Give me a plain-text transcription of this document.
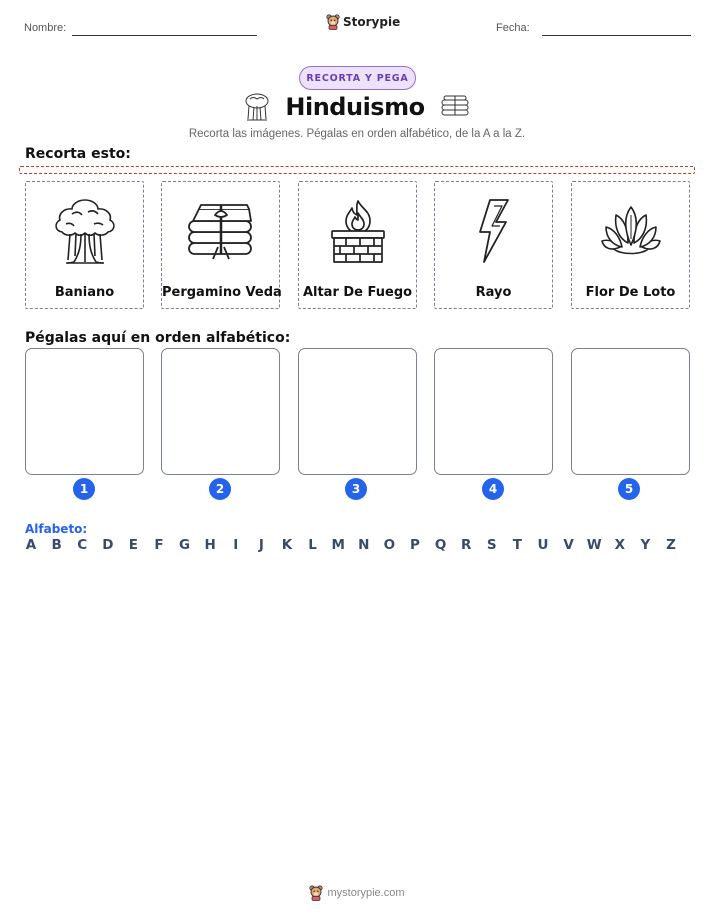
Nombre:	Storypie	Fecha:
RECORTA Y PEGA
Hinduismo
Recorta las imágenes. Pégalas en orden alfabético, de la A a la Z.
Recorta esto:
Baniano	Pergamino Veda	Altar De Fuego	Rayo	Flor De Loto
Pégalas aquí en orden alfabético:
1	2	3	4	5
Alfabeto:
A	B	C	D	E	F	G	H	I	J	K	L	M N	O	P	Q	R	S	T	U	V W X	Y	Z
mystorypie.com
